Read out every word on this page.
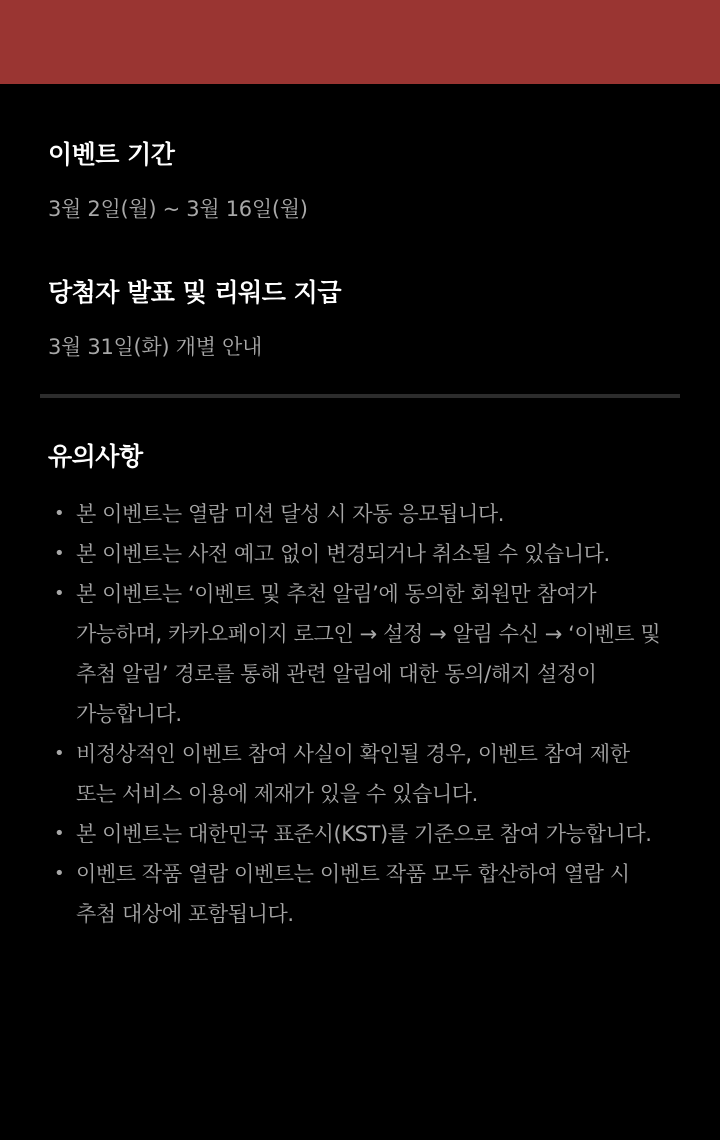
이벤트 기간

3월 2일(월) ~ 3월 16일(월)

당첨자 발표 및 리워드 지급

3월 31일(화) 개별 안내

유의사항
• 본 이벤트는 열람 미션 달성 시 자동 응모됩니다.
• 본 이벤트는 사전 예고 없이 변경되거나 취소될 수 있습니다.
• 본 이벤트는 ‘이벤트 및 추천 알림’에 동의한 회원만 참여가 가능하며, 카카오페이지 로그인 → 설정 → 알림 수신 → ‘이벤트 및 추첨 알림’ 경로를 통해 관련 알림에 대한 동의/해지 설정이 가능합니다.
• 비정상적인 이벤트 참여 사실이 확인될 경우, 이벤트 참여 제한 또는 서비스 이용에 제재가 있을 수 있습니다.
• 본 이벤트는 대한민국 표준시(KST)를 기준으로 참여 가능합니다.
• 이벤트 작품 열람 이벤트는 이벤트 작품 모두 합산하여 열람 시 추첨 대상에 포함됩니다.
